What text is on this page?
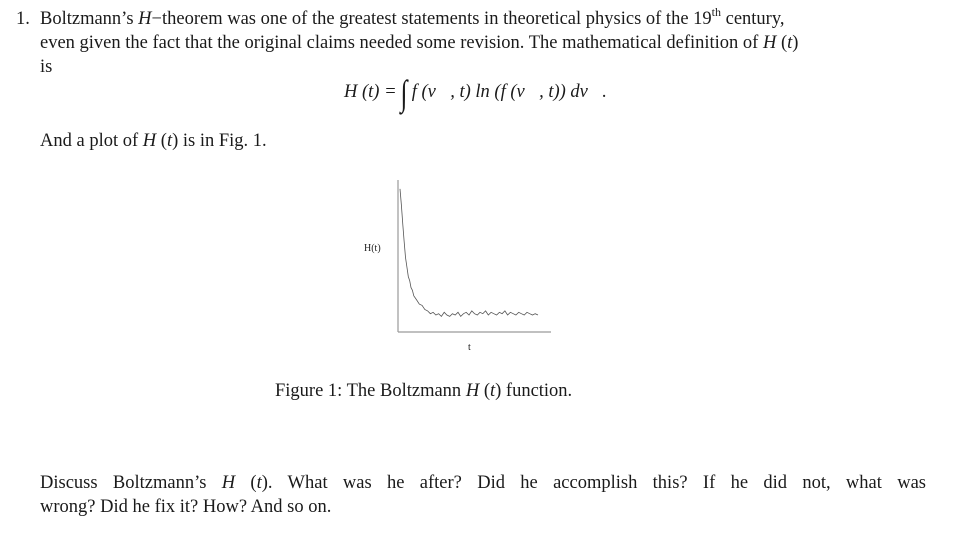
1. Boltzmann’s H−theorem was one of the greatest statements in theoretical physics of the 19th century,
even given the fact that the original claims needed some revision. The mathematical definition of H (t)
is
H (t) = ∫ f (v⃗, t) ln (f (v⃗, t)) dv⃗.
And a plot of H (t) is in Fig. 1.
H(t)
t
Figure 1: The Boltzmann H (t) function.
Discuss Boltzmann’s H (t). What was he after? Did he accomplish this? If he did not, what was
wrong? Did he fix it? How? And so on.
